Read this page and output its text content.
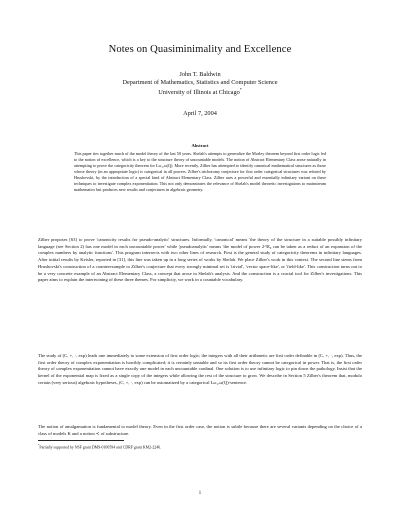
Notes on Quasiminimality and Excellence
John T. Baldwin
Department of Mathematics, Statistics and Computer Science
University of Illinois at Chicago*
April 7, 2004
Abstract

This paper ties together much of the model theory of the last 50 years. Shelah's attempts to generalize the Morley theorem beyond first order logic led to the notion of excellence, which is a key to the structure theory of uncountable models. The notion of Abstract Elementary Class arose naturally in attempting to prove the categoricity theorem for Lω₁,ω(Q). More recently, Zilber has attempted to identify canonical mathematical structures as those whose theory (in an appropriate logic) is categorical in all powers. Zilber's trichotomy conjecture for first order categorical structures was refuted by Hrushovski, by the introduction of a special kind of Abstract Elementary Class. Zilber uses a powerful and essentially infinitary variant on these techniques to investigate complex exponentiation. This not only demonstrates the relevance of Shelah's model theoretic investigations to mainstream mathematics but produces new results and conjectures in algebraic geometry.

Zilber proposes [63] to prove 'canonicity results for pseudo-analytic' structures. Informally, 'canonical' means 'the theory of the structure in a suitable possibly infinitary language (see Section 2) has one model in each uncountable power' while 'pseudoanalytic' means 'the model of power 2^ℵ₀ can be taken as a reduct of an expansion of the complex numbers by analytic functions'. This program intersects with two other lines of research. First is the general study of categoricity theorems in infinitary languages. After initial results by Keisler, reported in [31], this line was taken up in a long series of works by Shelah. We place Zilber's work in this context. The second line stems from Hrushovski's construction of a counterexample to Zilber's conjecture that every strongly minimal set is 'trivial', 'vector space-like', or 'field-like'. This construction turns out to be a very concrete example of an Abstract Elementary Class, a concept that arose in Shelah's analysis. And the construction is a crucial tool for Zilber's investigations. This paper aims to explain the intertwining of these three themes. For simplicity, we work in a countable vocabulary.

The study of (C, +, ·, exp) leads one immediately to some extension of first order logic; the integers with all their arithmetic are first order definable in (C, +, ·, exp). Thus, the first order theory of complex exponentiation is horribly complicated; it is certainly unstable and so its first order theory cannot be categorical in power. That is, the first order theory of complex exponentiation cannot have exactly one model in each uncountable cardinal. One solution is to use infinitary logic to pin down the pathology. Insist that the kernel of the exponential map is fixed as a single copy of the integers while allowing the rest of the structure to grow. We describe in Section 5 Zilber's theorem that, modulo certain (very serious) algebraic hypotheses, (C, +, ·, exp) can be axiomatized by a categorical Lω₁,ω(Q)-sentence.

The notion of amalgamation is fundamental to model theory. Even in the first order case, the notion is subtle because there are several variants depending on the choice of a class of models K and a notion ≺ of substructure.

*Partially supported by NSF grant DMS-0100594 and CDRF grant KM2-2246.

1
